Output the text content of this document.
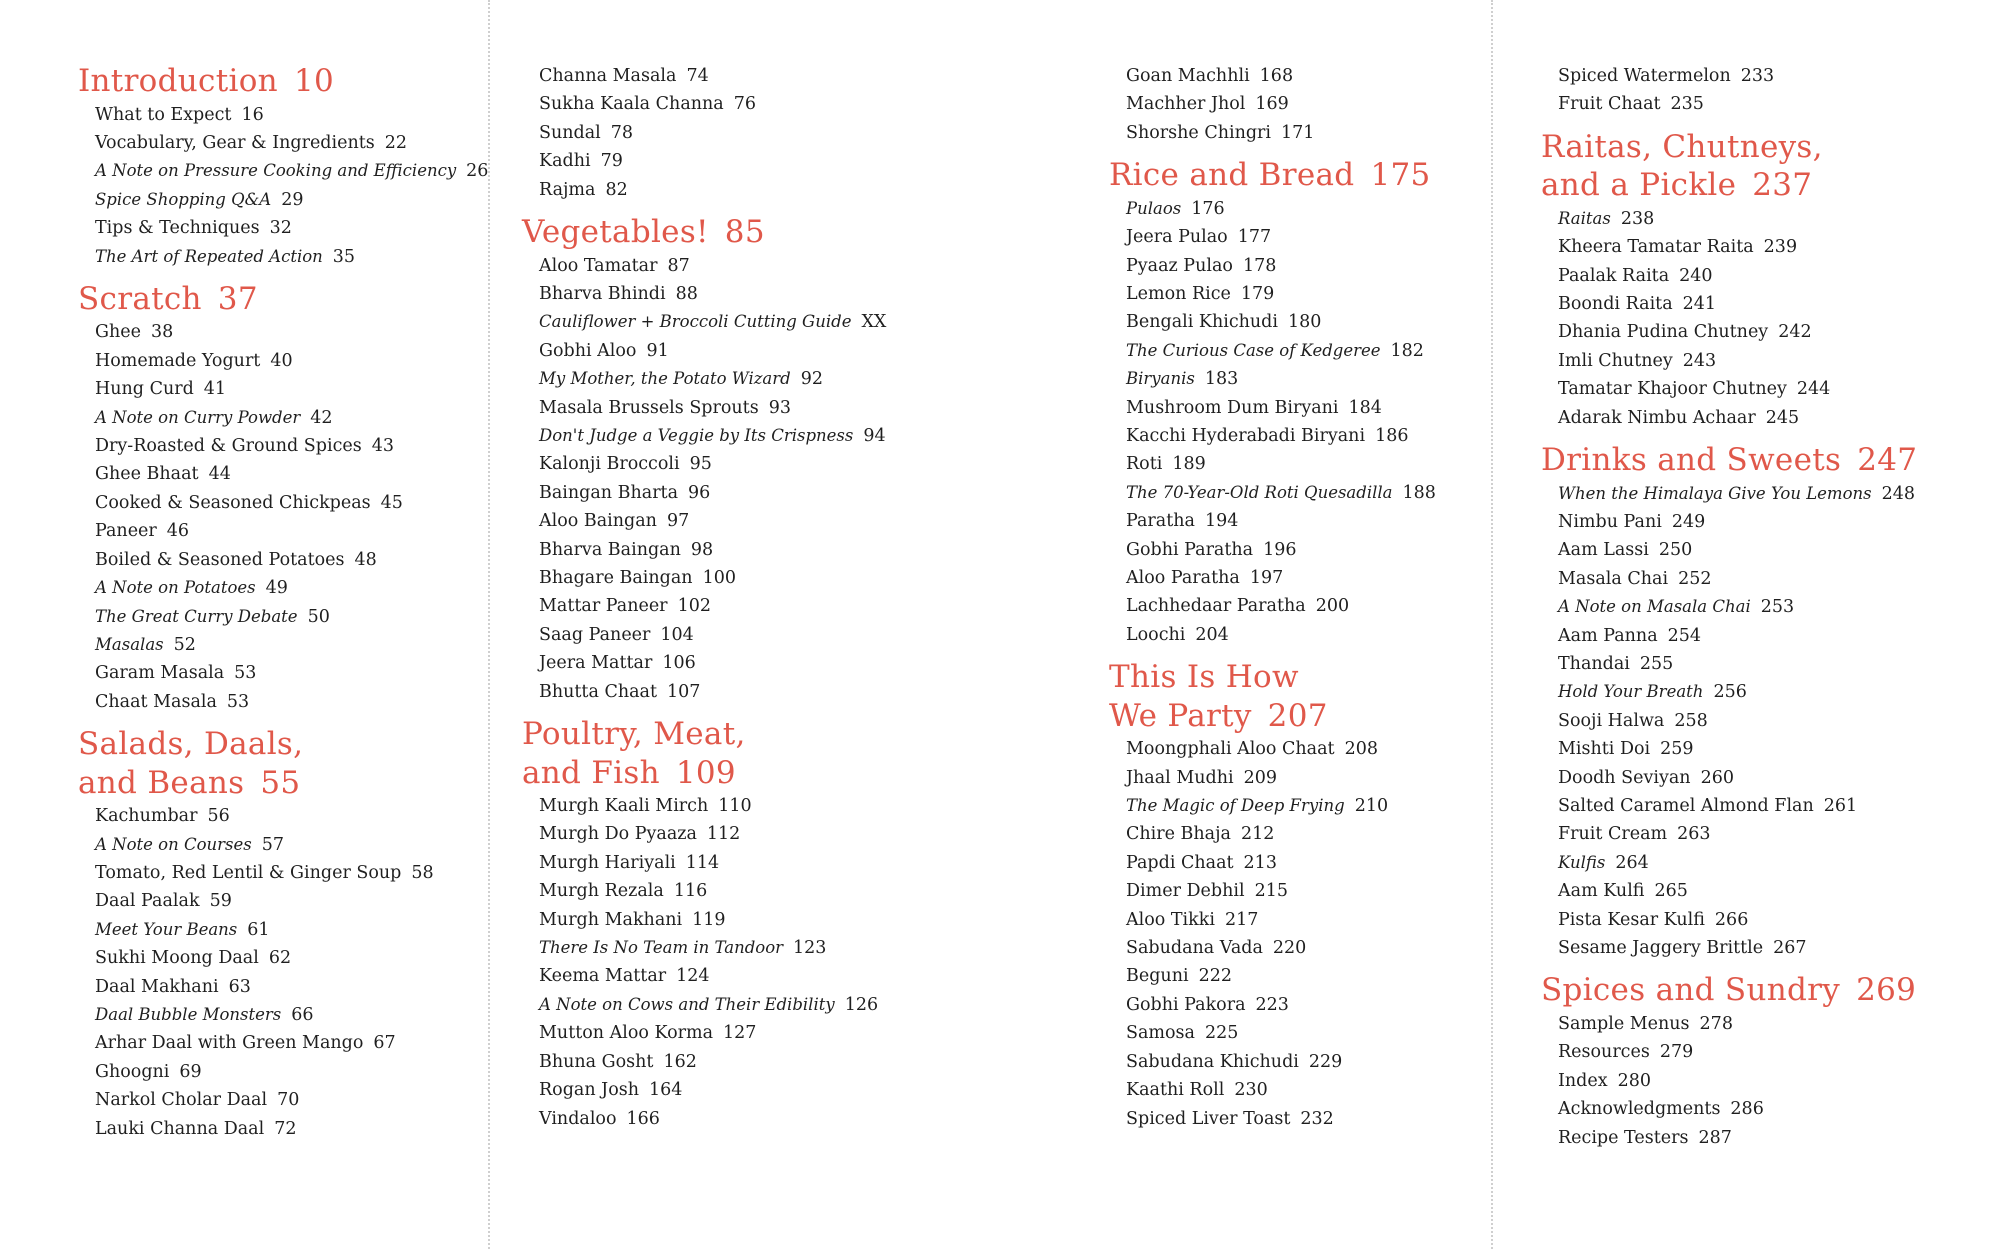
Introduction 10
What to Expect 16
Vocabulary, Gear & Ingredients 22
A Note on Pressure Cooking and Efficiency 26
Spice Shopping Q&A 29
Tips & Techniques 32
The Art of Repeated Action 35
Scratch 37
Ghee 38
Homemade Yogurt 40
Hung Curd 41
A Note on Curry Powder 42
Dry-Roasted & Ground Spices 43
Ghee Bhaat 44
Cooked & Seasoned Chickpeas 45
Paneer 46
Boiled & Seasoned Potatoes 48
A Note on Potatoes 49
The Great Curry Debate 50
Masalas 52
Garam Masala 53
Chaat Masala 53
Salads, Daals,
and Beans 55
Kachumbar 56
A Note on Courses 57
Tomato, Red Lentil & Ginger Soup 58
Daal Paalak 59
Meet Your Beans 61
Sukhi Moong Daal 62
Daal Makhani 63
Daal Bubble Monsters 66
Arhar Daal with Green Mango 67
Ghoogni 69
Narkol Cholar Daal 70
Lauki Channa Daal 72
Channa Masala 74
Sukha Kaala Channa 76
Sundal 78
Kadhi 79
Rajma 82
Vegetables! 85
Aloo Tamatar 87
Bharva Bhindi 88
Cauliflower + Broccoli Cutting Guide XX
Gobhi Aloo 91
My Mother, the Potato Wizard 92
Masala Brussels Sprouts 93
Don't Judge a Veggie by Its Crispness 94
Kalonji Broccoli 95
Baingan Bharta 96
Aloo Baingan 97
Bharva Baingan 98
Bhagare Baingan 100
Mattar Paneer 102
Saag Paneer 104
Jeera Mattar 106
Bhutta Chaat 107
Poultry, Meat,
and Fish 109
Murgh Kaali Mirch 110
Murgh Do Pyaaza 112
Murgh Hariyali 114
Murgh Rezala 116
Murgh Makhani 119
There Is No Team in Tandoor 123
Keema Mattar 124
A Note on Cows and Their Edibility 126
Mutton Aloo Korma 127
Bhuna Gosht 162
Rogan Josh 164
Vindaloo 166
Goan Machhli 168
Machher Jhol 169
Shorshe Chingri 171
Rice and Bread 175
Pulaos 176
Jeera Pulao 177
Pyaaz Pulao 178
Lemon Rice 179
Bengali Khichudi 180
The Curious Case of Kedgeree 182
Biryanis 183
Mushroom Dum Biryani 184
Kacchi Hyderabadi Biryani 186
Roti 189
The 70-Year-Old Roti Quesadilla 188
Paratha 194
Gobhi Paratha 196
Aloo Paratha 197
Lachhedaar Paratha 200
Loochi 204
This Is How
We Party 207
Moongphali Aloo Chaat 208
Jhaal Mudhi 209
The Magic of Deep Frying 210
Chire Bhaja 212
Papdi Chaat 213
Dimer Debhil 215
Aloo Tikki 217
Sabudana Vada 220
Beguni 222
Gobhi Pakora 223
Samosa 225
Sabudana Khichudi 229
Kaathi Roll 230
Spiced Liver Toast 232
Spiced Watermelon 233
Fruit Chaat 235
Raitas, Chutneys,
and a Pickle 237
Raitas 238
Kheera Tamatar Raita 239
Paalak Raita 240
Boondi Raita 241
Dhania Pudina Chutney 242
Imli Chutney 243
Tamatar Khajoor Chutney 244
Adarak Nimbu Achaar 245
Drinks and Sweets 247
When the Himalaya Give You Lemons 248
Nimbu Pani 249
Aam Lassi 250
Masala Chai 252
A Note on Masala Chai 253
Aam Panna 254
Thandai 255
Hold Your Breath 256
Sooji Halwa 258
Mishti Doi 259
Doodh Seviyan 260
Salted Caramel Almond Flan 261
Fruit Cream 263
Kulfis 264
Aam Kulfi 265
Pista Kesar Kulfi 266
Sesame Jaggery Brittle 267
Spices and Sundry 269
Sample Menus 278
Resources 279
Index 280
Acknowledgments 286
Recipe Testers 287
